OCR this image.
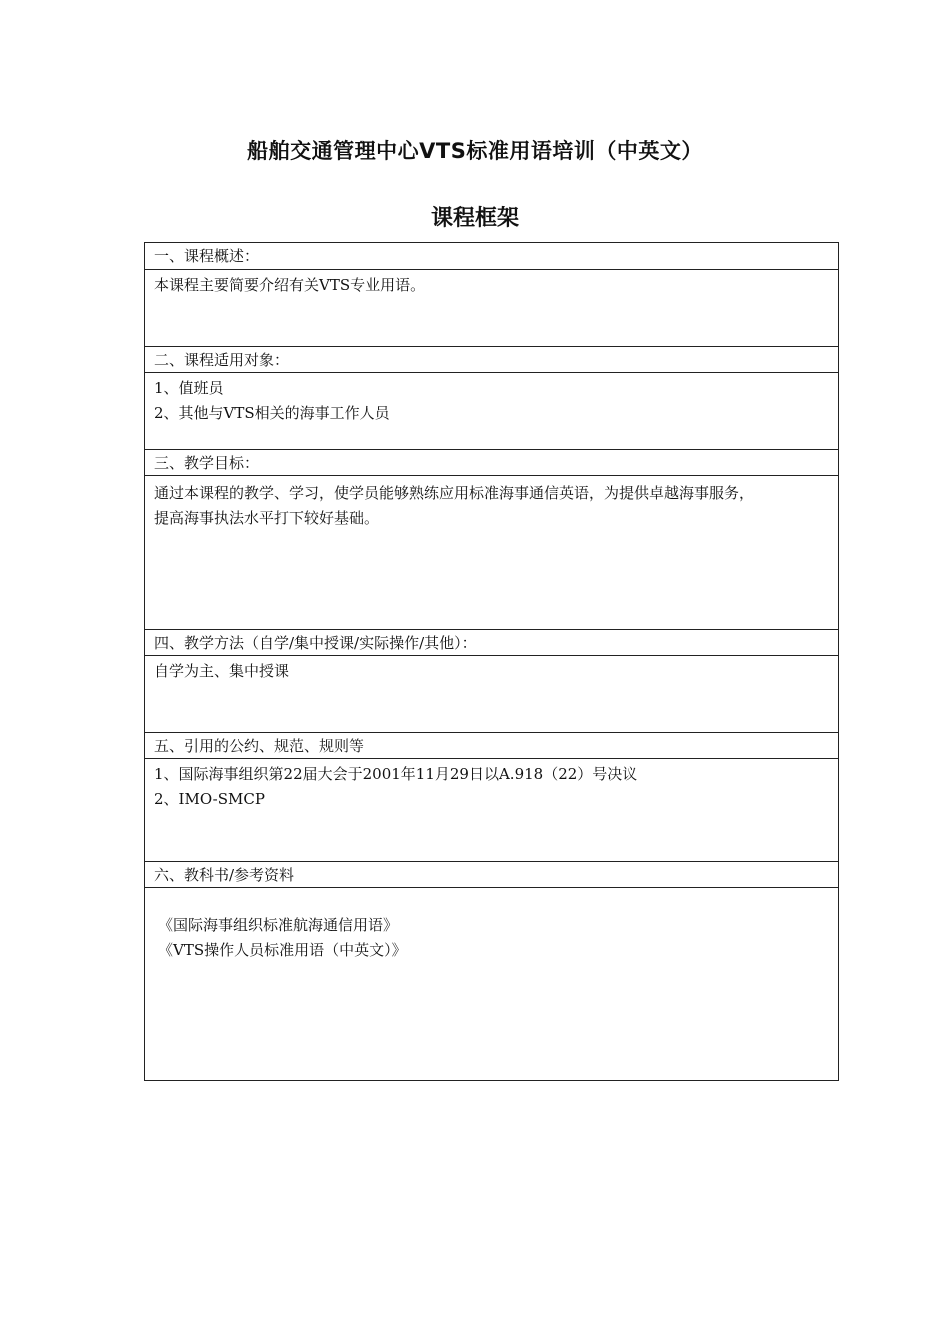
船舶交通管理中心VTS标准用语培训（中英文）
课程框架
一、课程概述：
本课程主要简要介绍有关VTS专业用语。
二、课程适用对象：
1、值班员
2、其他与VTS相关的海事工作人员
三、教学目标：
通过本课程的教学、学习，使学员能够熟练应用标准海事通信英语，为提供卓越海事服务，
提高海事执法水平打下较好基础。
四、教学方法（自学/集中授课/实际操作/其他）：
自学为主、集中授课
五、引用的公约、规范、规则等
1、国际海事组织第22届大会于2001年11月29日以A.918（22）号决议
2、IMO-SMCP
六、教科书/参考资料
《国际海事组织标准航海通信用语》
《VTS操作人员标准用语（中英文）》
